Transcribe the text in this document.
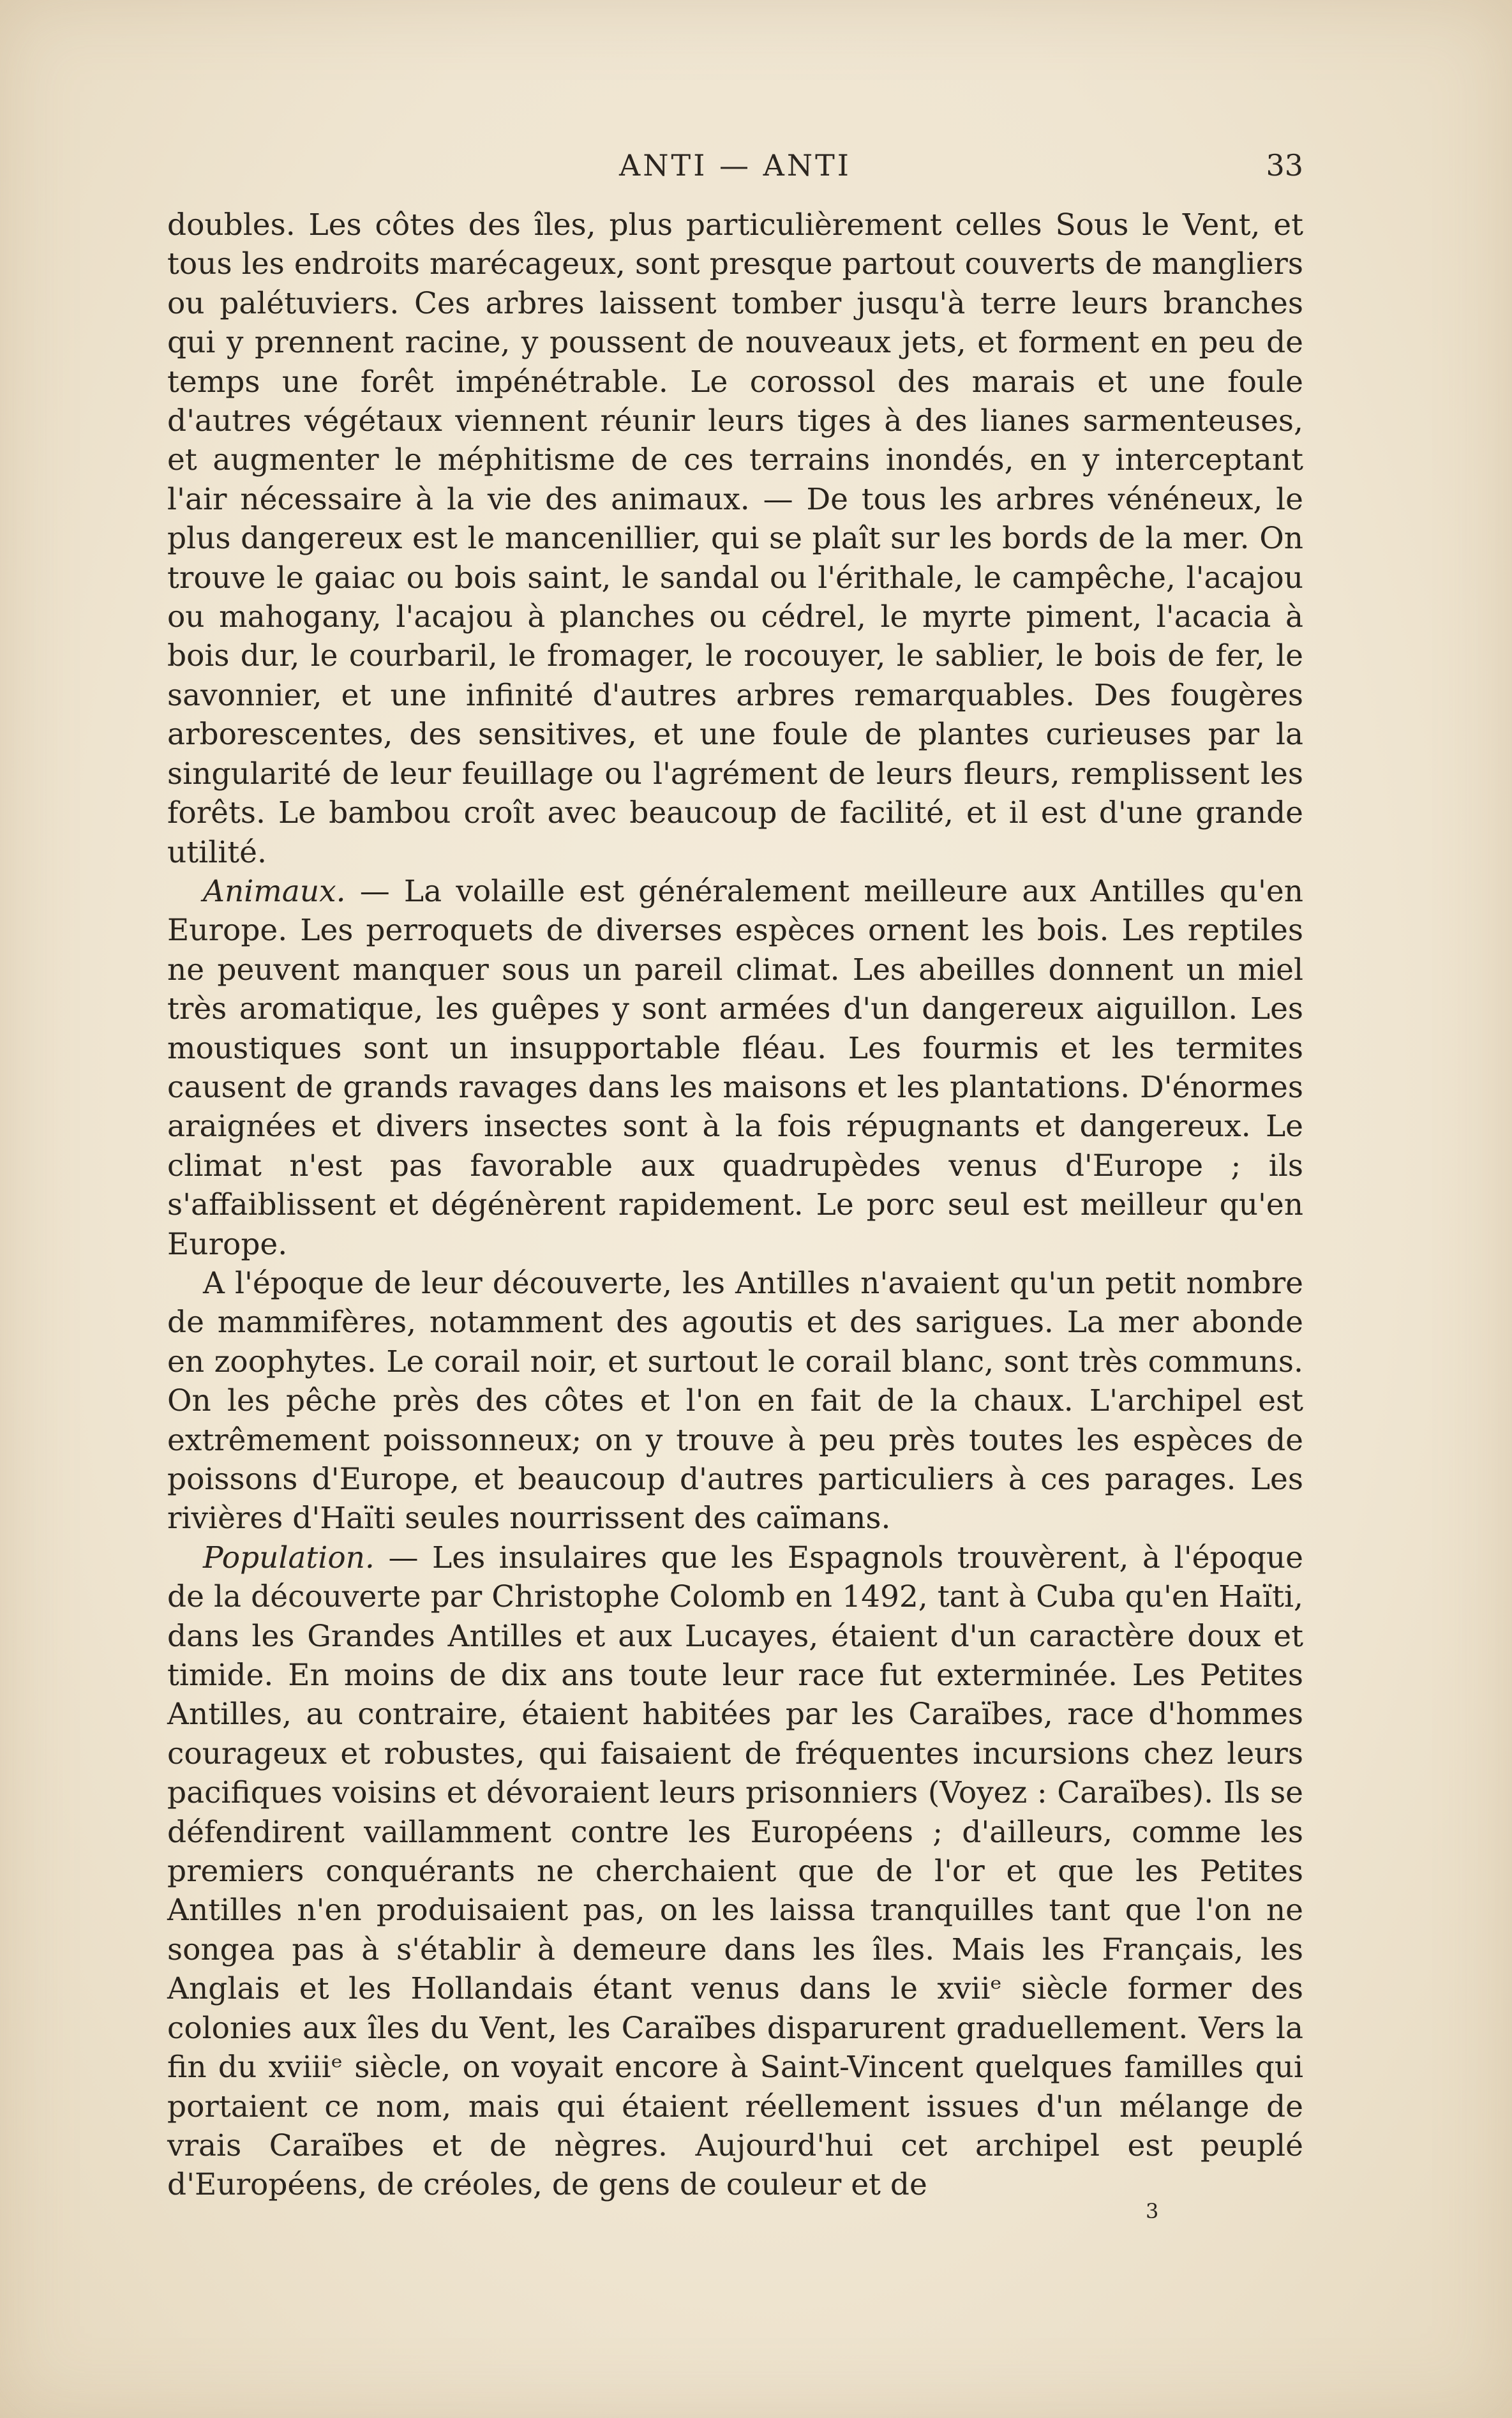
ANTI — ANTI	33

doubles. Les côtes des îles, plus particulièrement celles Sous le Vent, et tous les endroits marécageux, sont presque partout couverts de mangliers ou palétuviers. Ces arbres laissent tomber jusqu'à terre leurs branches qui y prennent racine, y poussent de nouveaux jets, et forment en peu de temps une forêt impénétrable. Le corossol des marais et une foule d'autres végétaux viennent réunir leurs tiges à des lianes sarmenteuses, et augmenter le méphitisme de ces terrains inondés, en y interceptant l'air nécessaire à la vie des animaux. — De tous les arbres vénéneux, le plus dangereux est le mancenillier, qui se plaît sur les bords de la mer. On trouve le gaiac ou bois saint, le sandal ou l'érithale, le campêche, l'acajou ou mahogany, l'acajou à planches ou cédrel, le myrte piment, l'acacia à bois dur, le courbaril, le fromager, le rocouyer, le sablier, le bois de fer, le savonnier, et une infinité d'autres arbres remarquables. Des fougères arborescentes, des sensitives, et une foule de plantes curieuses par la singularité de leur feuillage ou l'agrément de leurs fleurs, remplissent les forêts. Le bambou croît avec beaucoup de facilité, et il est d'une grande utilité.

Animaux. — La volaille est généralement meilleure aux Antilles qu'en Europe. Les perroquets de diverses espèces ornent les bois. Les reptiles ne peuvent manquer sous un pareil climat. Les abeilles donnent un miel très aromatique, les guêpes y sont armées d'un dangereux aiguillon. Les moustiques sont un insupportable fléau. Les fourmis et les termites causent de grands ravages dans les maisons et les plantations. D'énormes araignées et divers insectes sont à la fois répugnants et dangereux. Le climat n'est pas favorable aux quadrupèdes venus d'Europe ; ils s'affaiblissent et dégénèrent rapidement. Le porc seul est meilleur qu'en Europe.

A l'époque de leur découverte, les Antilles n'avaient qu'un petit nombre de mammifères, notamment des agoutis et des sarigues. La mer abonde en zoophytes. Le corail noir, et surtout le corail blanc, sont très communs. On les pêche près des côtes et l'on en fait de la chaux. L'archipel est extrêmement poissonneux; on y trouve à peu près toutes les espèces de poissons d'Europe, et beaucoup d'autres particuliers à ces parages. Les rivières d'Haïti seules nourrissent des caïmans.

Population. — Les insulaires que les Espagnols trouvèrent, à l'époque de la découverte par Christophe Colomb en 1492, tant à Cuba qu'en Haïti, dans les Grandes Antilles et aux Lucayes, étaient d'un caractère doux et timide. En moins de dix ans toute leur race fut exterminée. Les Petites Antilles, au contraire, étaient habitées par les Caraïbes, race d'hommes courageux et robustes, qui faisaient de fréquentes incursions chez leurs pacifiques voisins et dévoraient leurs prisonniers (Voyez : Caraïbes). Ils se défendirent vaillamment contre les Européens ; d'ailleurs, comme les premiers conquérants ne cherchaient que de l'or et que les Petites Antilles n'en produisaient pas, on les laissa tranquilles tant que l'on ne songea pas à s'établir à demeure dans les îles. Mais les Français, les Anglais et les Hollandais étant venus dans le xviiᵉ siècle former des colonies aux îles du Vent, les Caraïbes disparurent graduellement. Vers la fin du xviiiᵉ siècle, on voyait encore à Saint-Vincent quelques familles qui portaient ce nom, mais qui étaient réellement issues d'un mélange de vrais Caraïbes et de nègres. Aujourd'hui cet archipel est peuplé d'Européens, de créoles, de gens de couleur et de

3
